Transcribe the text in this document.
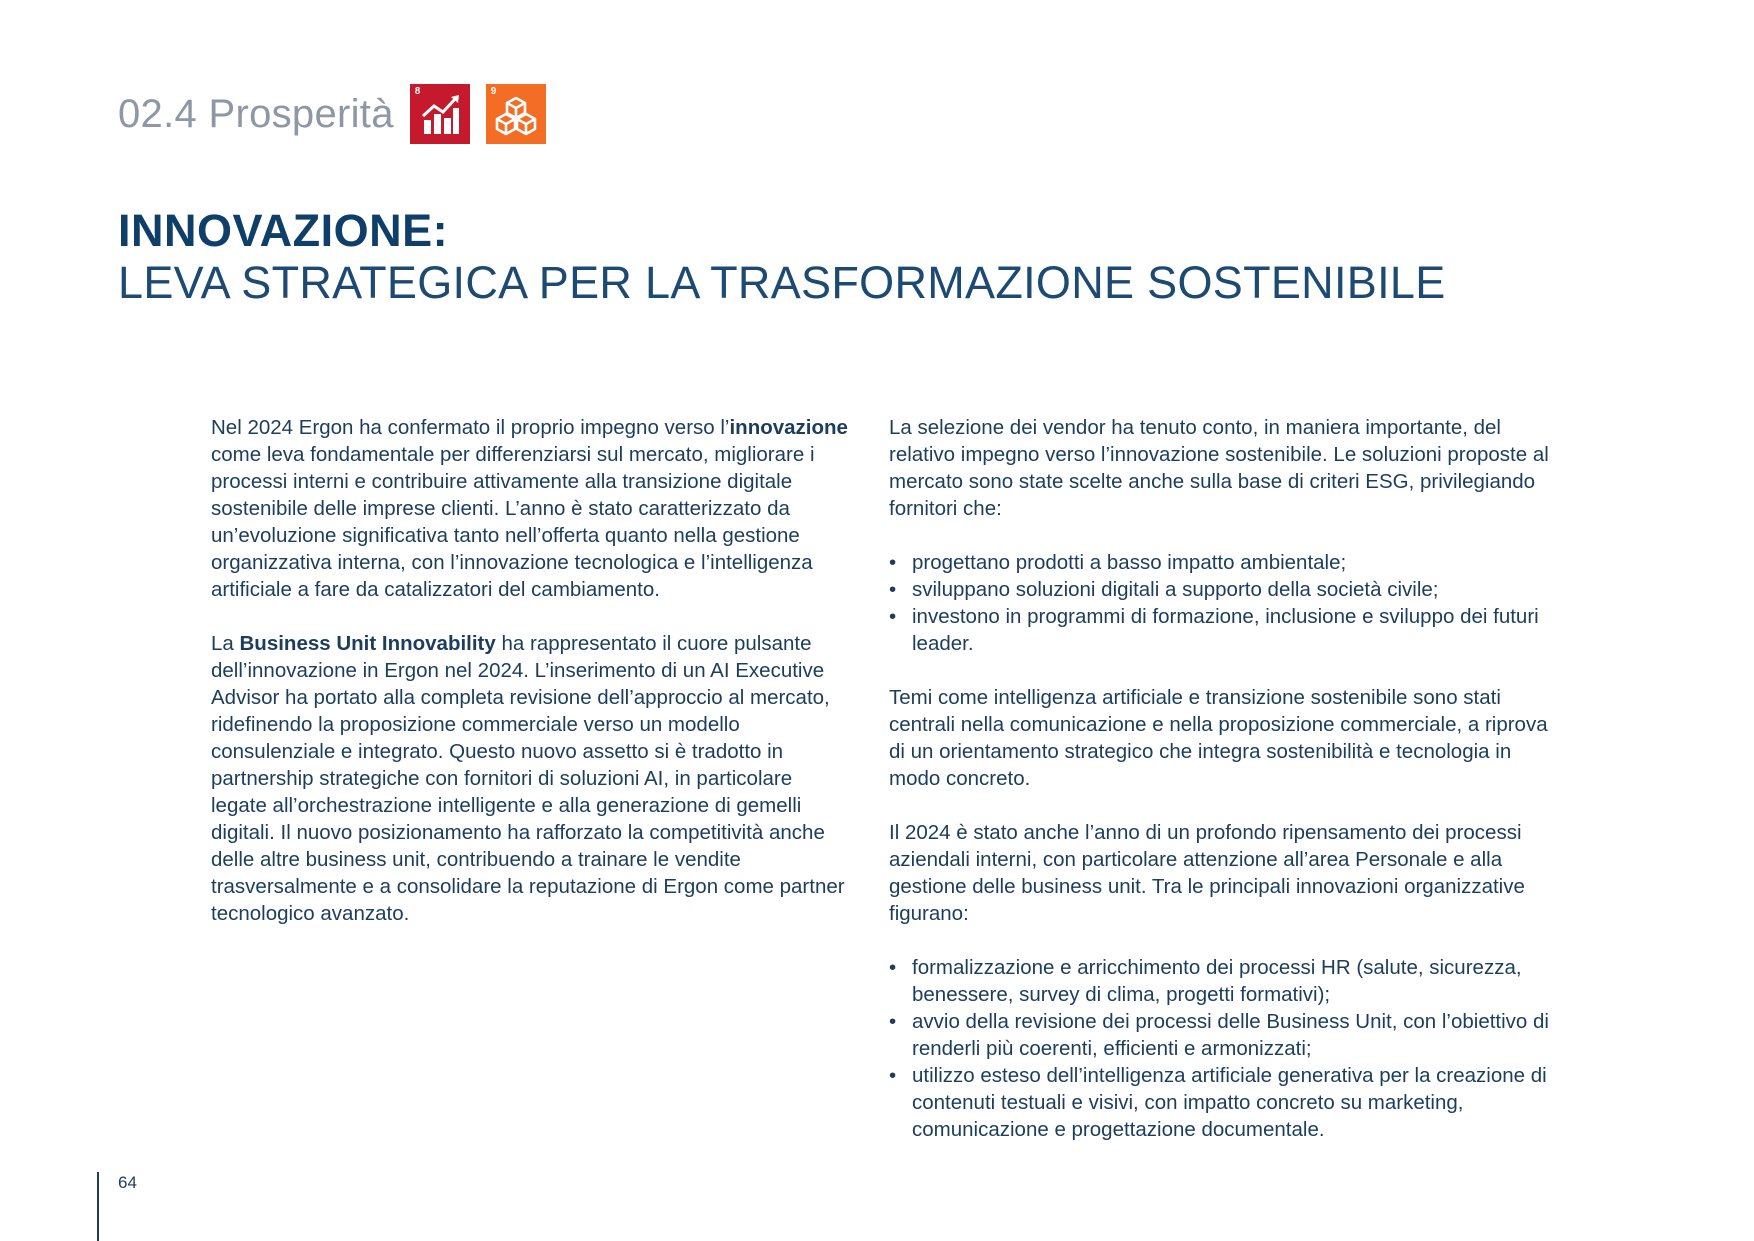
02.4 Prosperità
8	9
INNOVAZIONE:
LEVA STRATEGICA PER LA TRASFORMAZIONE SOSTENIBILE

Nel 2024 Ergon ha confermato il proprio impegno verso l’innovazione come leva fondamentale per differenziarsi sul mercato, migliorare i processi interni e contribuire attivamente alla transizione digitale sostenibile delle imprese clienti. L’anno è stato caratterizzato da un’evoluzione significativa tanto nell’offerta quanto nella gestione organizzativa interna, con l’innovazione tecnologica e l’intelligenza artificiale a fare da catalizzatori del cambiamento.

La Business Unit Innovability ha rappresentato il cuore pulsante dell’innovazione in Ergon nel 2024. L’inserimento di un AI Executive Advisor ha portato alla completa revisione dell’approccio al mercato, ridefinendo la proposizione commerciale verso un modello consulenziale e integrato. Questo nuovo assetto si è tradotto in partnership strategiche con fornitori di soluzioni AI, in particolare legate all’orchestrazione intelligente e alla generazione di gemelli digitali. Il nuovo posizionamento ha rafforzato la competitività anche delle altre business unit, contribuendo a trainare le vendite trasversalmente e a consolidare la reputazione di Ergon come partner tecnologico avanzato.

La selezione dei vendor ha tenuto conto, in maniera importante, del relativo impegno verso l’innovazione sostenibile. Le soluzioni proposte al mercato sono state scelte anche sulla base di criteri ESG, privilegiando fornitori che:

• progettano prodotti a basso impatto ambientale;
• sviluppano soluzioni digitali a supporto della società civile;
• investono in programmi di formazione, inclusione e sviluppo dei futuri leader.

Temi come intelligenza artificiale e transizione sostenibile sono stati centrali nella comunicazione e nella proposizione commerciale, a riprova di un orientamento strategico che integra sostenibilità e tecnologia in modo concreto.

Il 2024 è stato anche l’anno di un profondo ripensamento dei processi aziendali interni, con particolare attenzione all’area Personale e alla gestione delle business unit. Tra le principali innovazioni organizzative figurano:

• formalizzazione e arricchimento dei processi HR (salute, sicurezza, benessere, survey di clima, progetti formativi);
• avvio della revisione dei processi delle Business Unit, con l’obiettivo di renderli più coerenti, efficienti e armonizzati;
• utilizzo esteso dell’intelligenza artificiale generativa per la creazione di contenuti testuali e visivi, con impatto concreto su marketing, comunicazione e progettazione documentale.
64
